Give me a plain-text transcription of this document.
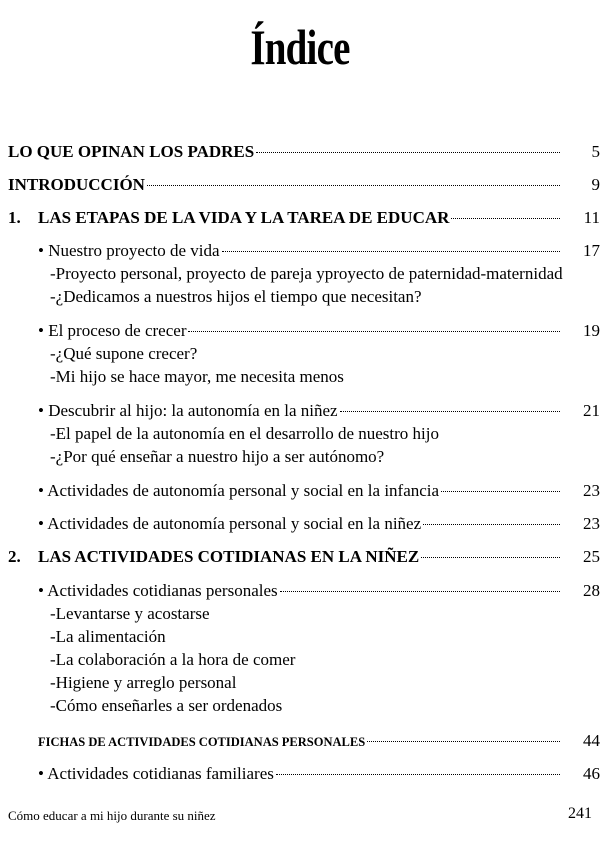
Índice
LO QUE OPINAN LOS PADRES	5
INTRODUCCIÓN	9
1.	LAS ETAPAS DE LA VIDA Y LA TAREA DE EDUCAR	11
• Nuestro proyecto de vida	17
-Proyecto personal, proyecto de pareja yproyecto de paternidad-maternidad
-¿Dedicamos a nuestros hijos el tiempo que necesitan?
• El proceso de crecer	19
-¿Qué supone crecer?
-Mi hijo se hace mayor, me necesita menos
• Descubrir al hijo: la autonomía en la niñez	21
-El papel de la autonomía en el desarrollo de nuestro hijo
-¿Por qué enseñar a nuestro hijo a ser autónomo?
• Actividades de autonomía personal y social en la infancia	23
• Actividades de autonomía personal y social en la niñez	23
2.	LAS ACTIVIDADES COTIDIANAS EN LA NIÑEZ	25
• Actividades cotidianas personales	28
-Levantarse y acostarse
-La alimentación
-La colaboración a la hora de comer
-Higiene y arreglo personal
-Cómo enseñarles a ser ordenados
FICHAS DE ACTIVIDADES COTIDIANAS PERSONALES	44
• Actividades cotidianas familiares	46
Cómo educar a mi hijo durante su niñez	241
